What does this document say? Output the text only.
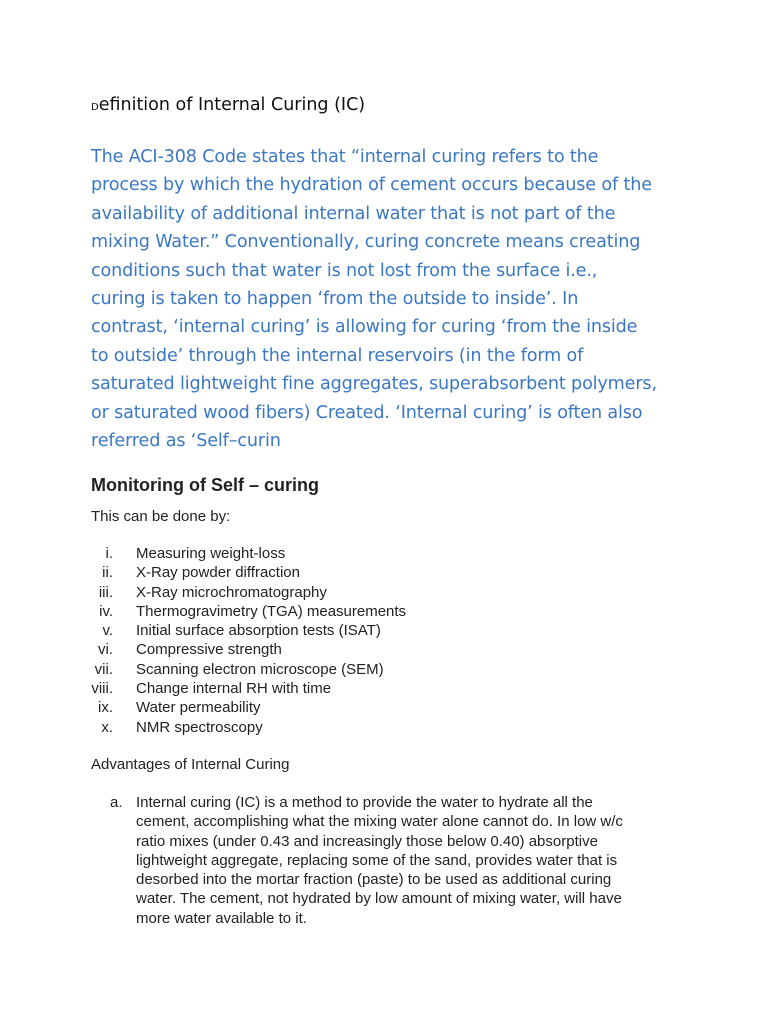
Definition of Internal Curing (IC)
The ACI-308 Code states that “internal curing refers to the
process by which the hydration of cement occurs because of the
availability of additional internal water that is not part of the
mixing Water.” Conventionally, curing concrete means creating
conditions such that water is not lost from the surface i.e.,
curing is taken to happen ‘from the outside to inside’. In
contrast, ‘internal curing’ is allowing for curing ‘from the inside
to outside’ through the internal reservoirs (in the form of
saturated lightweight fine aggregates, superabsorbent polymers,
or saturated wood fibers) Created. ‘Internal curing’ is often also
referred as ‘Self–curin
Monitoring of Self – curing
This can be done by:
i. Measuring weight-loss
ii. X-Ray powder diffraction
iii. X-Ray microchromatography
iv. Thermogravimetry (TGA) measurements
v. Initial surface absorption tests (ISAT)
vi. Compressive strength
vii. Scanning electron microscope (SEM)
viii. Change internal RH with time
ix. Water permeability
x. NMR spectroscopy
Advantages of Internal Curing
a. Internal curing (IC) is a method to provide the water to hydrate all the
cement, accomplishing what the mixing water alone cannot do. In low w/c
ratio mixes (under 0.43 and increasingly those below 0.40) absorptive
lightweight aggregate, replacing some of the sand, provides water that is
desorbed into the mortar fraction (paste) to be used as additional curing
water. The cement, not hydrated by low amount of mixing water, will have
more water available to it.
